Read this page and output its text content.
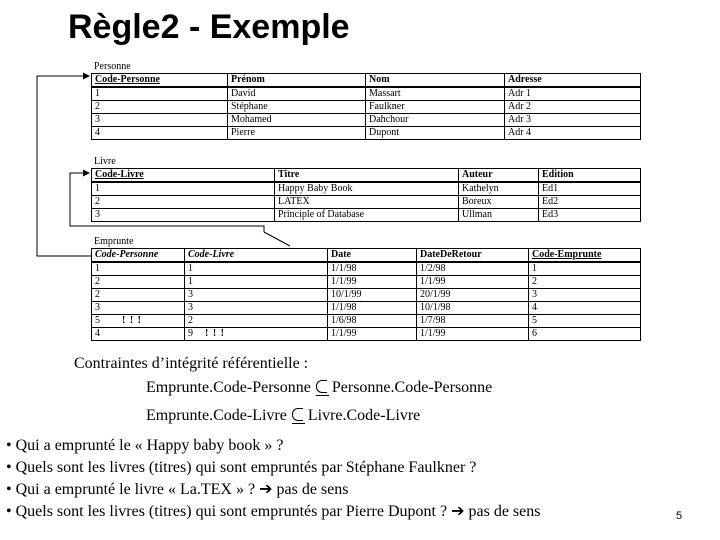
Règle2 - Exemple
Personne
Code-Personne	Prénom	Nom	Adresse
1	David	Massart	Adr 1
2	Stéphane	Faulkner	Adr 2
3	Mohamed	Dahchour	Adr 3
4	Pierre	Dupont	Adr 4
Livre
Code-Livre	Titre	Auteur	Edition
1	Happy Baby Book	Kathelyn	Ed1
2	LATEX	Boreux	Ed2
3	Principle of Database	Ullman	Ed3
Emprunte
Code-Personne	Code-Livre	Date	DateDeRetour	Code-Emprunte
1	1	1/1/98	1/2/98	1
2	1	1/1/99	1/1/99	2
2	3	10/1/99	20/1/99	3
3	3	1/1/98	10/1/98	4
5 ! ! !	2	1/6/98	1/7/98	5
4	9 ! ! !	1/1/99	1/1/99	6
Contraintes d’intégrité référentielle :
Emprunte.Code-Personne Personne.Code-Personne
Emprunte.Code-Livre Livre.Code-Livre
• Qui a emprunté le « Happy baby book » ?
• Quels sont les livres (titres) qui sont empruntés par Stéphane Faulkner ?
• Qui a emprunté le livre « La.TEX » ? ➔ pas de sens
• Quels sont les livres (titres) qui sont empruntés par Pierre Dupont ? ➔ pas de sens	5
